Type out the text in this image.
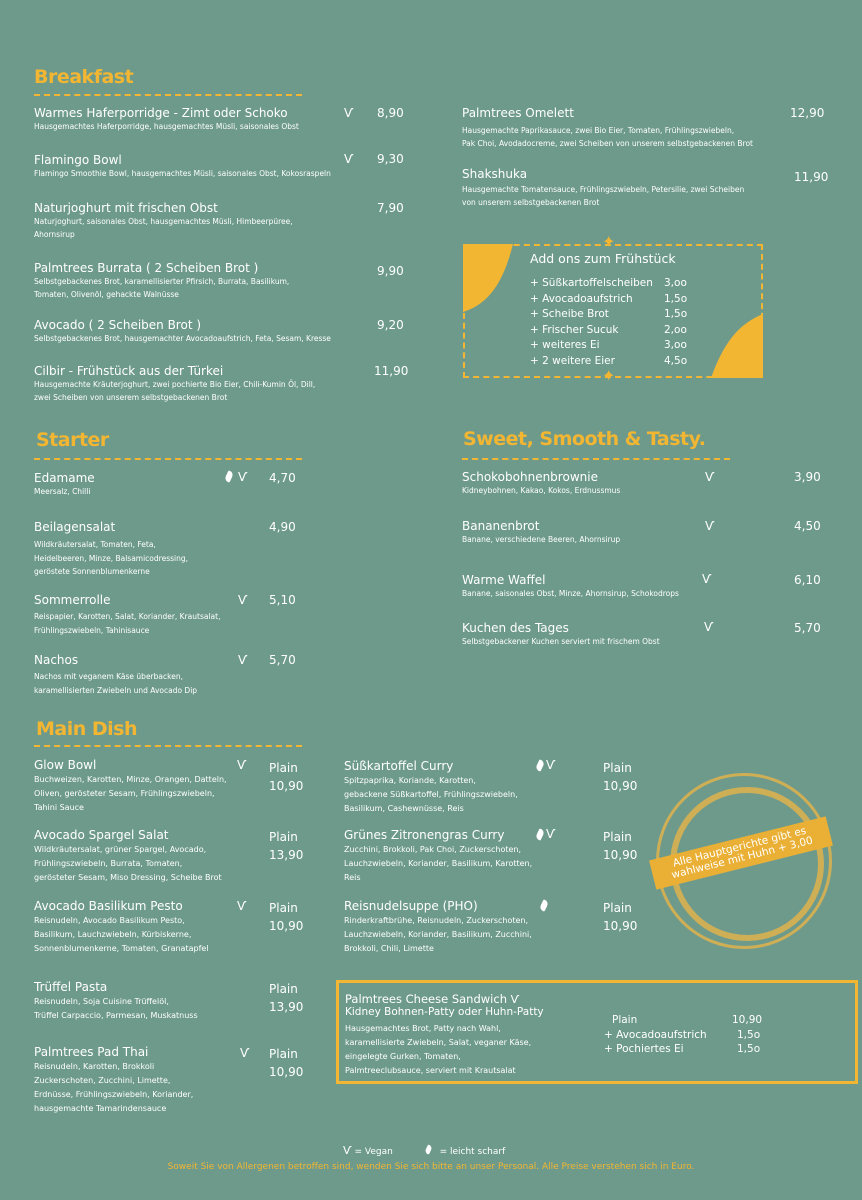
Breakfast
Warmes Haferporridge - Zimt oder Schoko
Hausgemachtes Haferporridge, hausgemachtes Müsli, saisonales Obst
Ѵ 8,90
Flamingo Bowl
Flamingo Smoothie Bowl, hausgemachtes Müsli, saisonales Obst, Kokosraspeln
Ѵ 9,30
Naturjoghurt mit frischen Obst
Naturjoghurt, saisonales Obst, hausgemachtes Müsli, Himbeerpüree,
Ahornsirup
7,90
Palmtrees Burrata ( 2 Scheiben Brot )
Selbstgebackenes Brot, karamellisierter Pfirsich, Burrata, Basilikum,
Tomaten, Olivenöl, gehackte Walnüsse
9,90
Avocado ( 2 Scheiben Brot )
Selbstgebackenes Brot, hausgemachter Avocadoaufstrich, Feta, Sesam, Kresse
9,20
Cilbir - Frühstück aus der Türkei
Hausgemachte Kräuterjoghurt, zwei pochierte Bio Eier, Chili-Kumin Öl, Dill,
zwei Scheiben von unserem selbstgebackenen Brot
11,90
Palmtrees Omelett
Hausgemachte Paprikasauce, zwei Bio Eier, Tomaten, Frühlingszwiebeln,
Pak Choi, Avodadocreme, zwei Scheiben von unserem selbstgebackenen Brot
12,90
Shakshuka
Hausgemachte Tomatensauce, Frühlingszwiebeln, Petersilie, zwei Scheiben
von unserem selbstgebackenen Brot
11,90
✦
✦
Add ons zum Frühstück
+ Süßkartoffelscheiben 3,oo
+ Avocadoaufstrich	1,5o
+ Scheibe Brot	1,5o
+ Frischer Sucuk	2,oo
+ weiteres Ei	3,oo
+ 2 weitere Eier	4,5o
Starter
Edamame
Meersalz, Chilli
Ѵ 4,70
Beilagensalat
Wildkräutersalat, Tomaten, Feta,
Heidelbeeren, Minze, Balsamicodressing,
geröstete Sonnenblumenkerne
4,90
Sommerrolle
Reispapier, Karotten, Salat, Koriander, Krautsalat,
Frühlingszwiebeln, Tahinisauce
Ѵ 5,10
Nachos
Nachos mit veganem Käse überbacken,
karamellisierten Zwiebeln und Avocado Dip
Ѵ 5,70
Sweet, Smooth & Tasty.
Schokobohnenbrownie
Kidneybohnen, Kakao, Kokos, Erdnussmus
Ѵ	3,90
Bananenbrot
Banane, verschiedene Beeren, Ahornsirup
Ѵ	4,50
Warme Waffel
Banane, saisonales Obst, Minze, Ahornsirup, Schokodrops
Ѵ	6,10
Kuchen des Tages
Selbstgebackener Kuchen serviert mit frischem Obst
Ѵ	5,70
Main Dish
Glow Bowl
Buchweizen, Karotten, Minze, Orangen, Datteln,
Oliven, gerösteter Sesam, Frühlingszwiebeln,
Tahini Sauce
Ѵ Plain
10,90
Avocado Spargel Salat
Wildkräutersalat, grüner Spargel, Avocado,
Frühlingszwiebeln, Burrata, Tomaten,
gerösteter Sesam, Miso Dressing, Scheibe Brot
Plain
13,90
Avocado Basilikum Pesto
Reisnudeln, Avocado Basilikum Pesto,
Basilikum, Lauchzwiebeln, Kürbiskerne,
Sonnenblumenkerne, Tomaten, Granatapfel
Ѵ Plain
10,90
Trüffel Pasta
Reisnudeln, Soja Cuisine Trüffelöl,
Trüffel Carpaccio, Parmesan, Muskatnuss
Plain
13,90
Palmtrees Pad Thai
Reisnudeln, Karotten, Brokkoli
Zuckerschoten, Zucchini, Limette,
Erdnüsse, Frühlingszwiebeln, Koriander,
hausgemachte Tamarindensauce
Ѵ Plain
10,90
Süßkartoffel Curry
Spitzpaprika, Koriande, Karotten,
gebackene Süßkartoffel, Frühlingszwiebeln,
Basilikum, Cashewnüsse, Reis
Ѵ	Plain
10,90
Grünes Zitronengras Curry
Zucchini, Brokkoli, Pak Choi, Zuckerschoten,
Lauchzwiebeln, Koriander, Basilikum, Karotten,
Reis
Ѵ	Plain
10,90
Reisnudelsuppe (PHO)
Rinderkraftbrühe, Reisnudeln, Zuckerschoten,
Lauchzwiebeln, Koriander, Basilikum, Zucchini,
Brokkoli, Chili, Limette
Plain
10,90
Alle Hauptgerichte gibt es wahlweise mit Huhn + 3,00
Palmtrees Cheese Sandwich Ѵ
Kidney Bohnen-Patty oder Huhn-Patty
Hausgemachtes Brot, Patty nach Wahl,
karamellisierte Zwiebeln, Salat, veganer Käse,
eingelegte Gurken, Tomaten,
Palmtreeclubsauce, serviert mit Krautsalat
Plain	10,90
+ Avocadoaufstrich	1,5o
+ Pochiertes Ei	1,5o
Ѵ = Vegan	= leicht scharf
Soweit Sie von Allergenen betroffen sind, wenden Sie sich bitte an unser Personal. Alle Preise verstehen sich in Euro.
